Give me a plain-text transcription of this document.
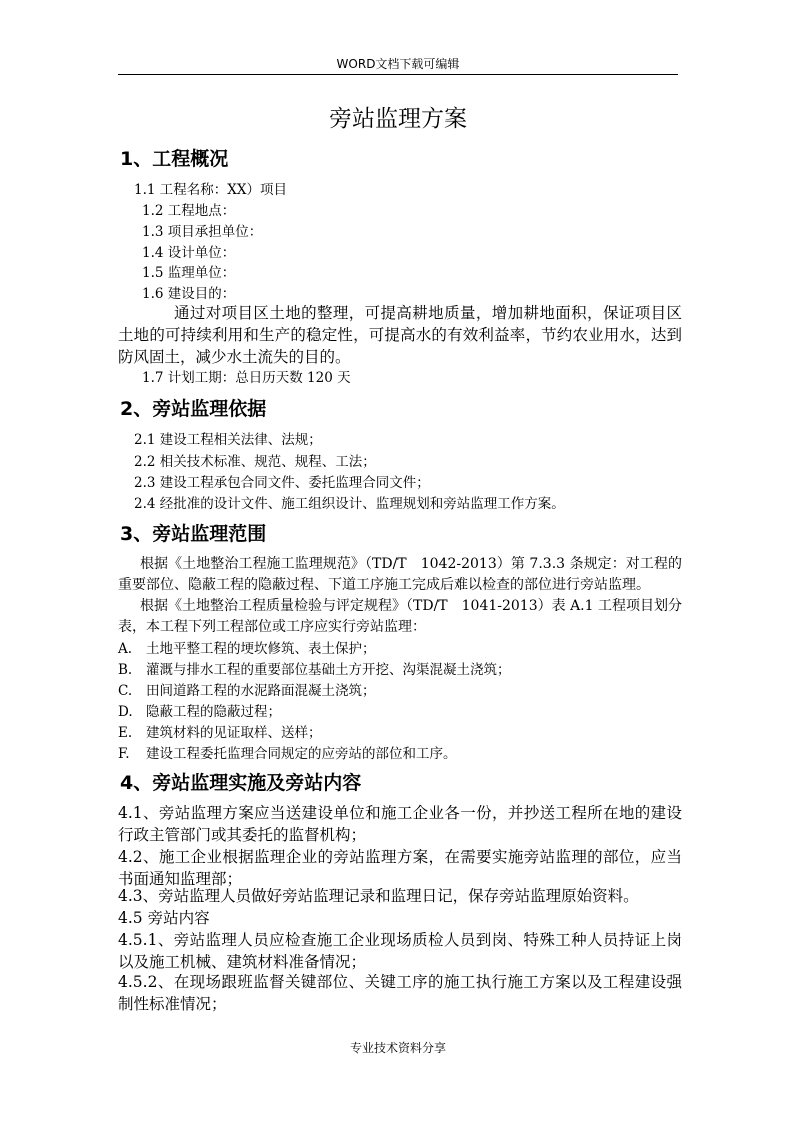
WORD文档下载可编辑
旁站监理方案
1、工程概况
1.1 工程名称：XX）项目
1.2 工程地点：
1.3 项目承担单位：
1.4 设计单位：
1.5 监理单位：
1.6 建设目的：
通过对项目区土地的整理，可提高耕地质量，增加耕地面积，保证项目区土地的可持续利用和生产的稳定性，可提高水的有效利益率，节约农业用水，达到防风固土，减少水土流失的目的。
1.7 计划工期：总日历天数 120 天
2、旁站监理依据
2.1 建设工程相关法律、法规；
2.2 相关技术标准、规范、规程、工法；
2.3 建设工程承包合同文件、委托监理合同文件；
2.4 经批准的设计文件、施工组织设计、监理规划和旁站监理工作方案。
3、旁站监理范围
根据《土地整治工程施工监理规范》（TD/T　1042-2013）第 7.3.3 条规定：对工程的重要部位、隐蔽工程的隐蔽过程、下道工序施工完成后难以检查的部位进行旁站监理。
根据《土地整治工程质量检验与评定规程》（TD/T　1041-2013）表 A.1 工程项目划分表，本工程下列工程部位或工序应实行旁站监理：
A. 土地平整工程的埂坎修筑、表土保护；
B. 灌溉与排水工程的重要部位基础土方开挖、沟渠混凝土浇筑；
C. 田间道路工程的水泥路面混凝土浇筑；
D. 隐蔽工程的隐蔽过程；
E. 建筑材料的见证取样、送样；
F. 建设工程委托监理合同规定的应旁站的部位和工序。
4、旁站监理实施及旁站内容
4.1、旁站监理方案应当送建设单位和施工企业各一份，并抄送工程所在地的建设行政主管部门或其委托的监督机构；
4.2、施工企业根据监理企业的旁站监理方案，在需要实施旁站监理的部位，应当书面通知监理部；
4.3、旁站监理人员做好旁站监理记录和监理日记，保存旁站监理原始资料。
4.5 旁站内容
4.5.1、旁站监理人员应检查施工企业现场质检人员到岗、特殊工种人员持证上岗以及施工机械、建筑材料准备情况；
4.5.2、在现场跟班监督关键部位、关键工序的施工执行施工方案以及工程建设强制性标准情况；
专业技术资料分享
